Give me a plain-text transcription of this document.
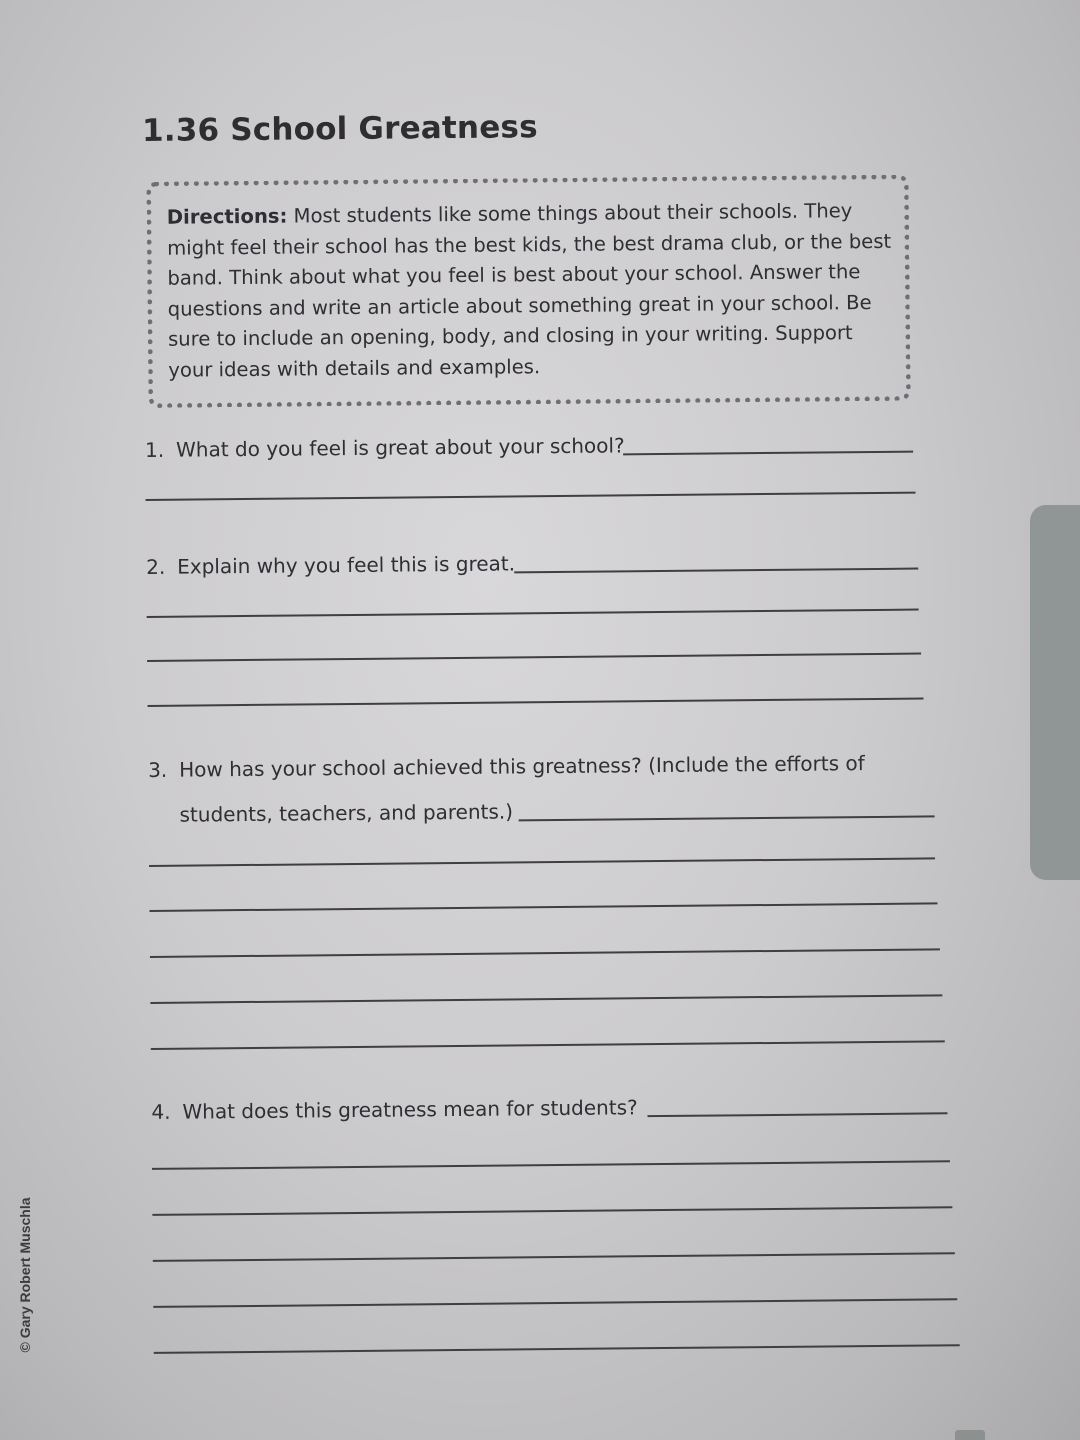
1.36 School Greatness

Directions: Most students like some things about their schools. They might feel their school has the best kids, the best drama club, or the best band. Think about what you feel is best about your school. Answer the questions and write an article about something great in your school. Be sure to include an opening, body, and closing in your writing. Support your ideas with details and examples.

1. What do you feel is great about your school?
2. Explain why you feel this is great.
3. How has your school achieved this greatness? (Include the efforts of
students, teachers, and parents.)
4. What does this greatness mean for students?
© Gary Robert Muschla
